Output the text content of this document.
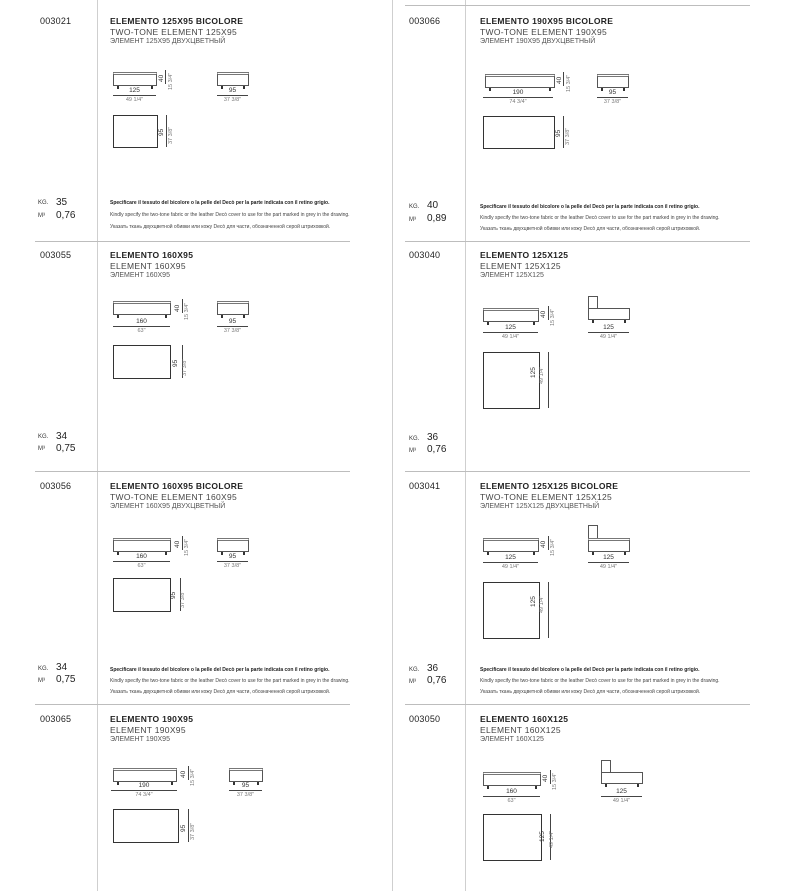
003021	ELEMENTO 125X95 BICOLORE
TWO-TONE ELEMENT 125X95
ЭЛЕМЕНТ 125Х95 ДВУХЦВЕТНЫЙ
125
49 1/4"
40 15 3/4"
95
37 3/8"
95 37 3/8"
KG. 35
M³ 0,76
Specificare il tessuto del bicolore o la pelle del Decò per la parte indicata con il retino grigio.
Kindly specify the two-tone fabric or the leather Decò cover to use for the part marked in grey in the drawing.
Указать ткань двухцветной обивки или кожу Decò для части, обозначенной серой штриховкой.
003066	ELEMENTO 190X95 BICOLORE
TWO-TONE ELEMENT 190X95
ЭЛЕМЕНТ 190Х95 ДВУХЦВЕТНЫЙ
190
74 3/4"
40 15 3/4"
95
37 3/8"
95 37 3/8"
KG. 40
M³ 0,89
Specificare il tessuto del bicolore o la pelle del Decò per la parte indicata con il retino grigio.
Kindly specify the two-tone fabric or the leather Decò cover to use for the part marked in grey in the drawing.
Указать ткань двухцветной обивки или кожу Decò для части, обозначенной серой штриховкой.
003055	ELEMENTO 160X95
ELEMENT 160X95
ЭЛЕМЕНТ 160Х95
160
63"
40 15 3/4"
95
37 3/8"
95 37 3/8"
KG. 34
M³ 0,75
003040	ELEMENTO 125X125
ELEMENT 125X125
ЭЛЕМЕНТ 125Х125
125
49 1/4"
40 15 3/4"
125
49 1/4"
125 49 1/4"
KG. 36
M³ 0,76
003056	ELEMENTO 160X95 BICOLORE
TWO-TONE ELEMENT 160X95
ЭЛЕМЕНТ 160Х95 ДВУХЦВЕТНЫЙ
160
63"
40 15 3/4"
95
37 3/8"
95 37 3/8"
KG. 34
M³ 0,75
Specificare il tessuto del bicolore o la pelle del Decò per la parte indicata con il retino grigio.
Kindly specify the two-tone fabric or the leather Decò cover to use for the part marked in grey in the drawing.
Указать ткань двухцветной обивки или кожу Decò для части, обозначенной серой штриховкой.
003041	ELEMENTO 125X125 BICOLORE
TWO-TONE ELEMENT 125X125
ЭЛЕМЕНТ 125Х125 ДВУХЦВЕТНЫЙ
125
49 1/4"
40 15 3/4"
125
49 1/4"
125 49 1/4"
KG. 36
M³ 0,76
Specificare il tessuto del bicolore o la pelle del Decò per la parte indicata con il retino grigio.
Kindly specify the two-tone fabric or the leather Decò cover to use for the part marked in grey in the drawing.
Указать ткань двухцветной обивки или кожу Decò для части, обозначенной серой штриховкой.
003065	ELEMENTO 190X95
ELEMENT 190X95
ЭЛЕМЕНТ 190Х95
190
74 3/4"
40 15 3/4"	95
37 3/8"
95 37 3/8"
003050	ELEMENTO 160X125
ELEMENT 160X125
ЭЛЕМЕНТ 160Х125
160
63"
40 15 3/4"
125
49 1/4"
125 49 1/4"
